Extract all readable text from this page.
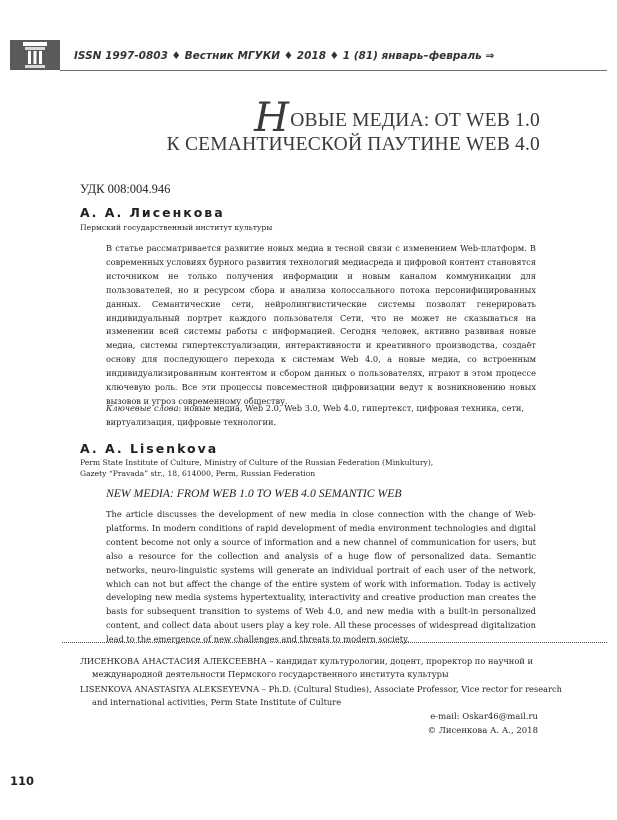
ISSN 1997-0803 ♦ Вестник МГУКИ ♦ 2018 ♦ 1 (81) январь–февраль ⇒
НОВЫЕ МЕДИА: ОТ WEB 1.0
К СЕМАНТИЧЕСКОЙ ПАУТИНЕ WEB 4.0
УДК 008:004.946
А. А. Лисенкова
Пермский государственный институт культуры
В статье рассматривается развитие новых медиа в тесной связи с изменением Web-платформ. В современных условиях бурного развития технологий медиасреда и цифровой контент становятся источником не только получения информации и новым каналом коммуникации для пользователей, но и ресурсом сбора и анализа колоссального потока персонифицированных данных. Семантические сети, нейролингвистические системы позволят генерировать индивидуальный портрет каждого пользователя Сети, что не может не сказываться на изменении всей системы работы с информацией. Сегодня человек, активно развивая новые медиа, системы гипертекстуализации, интерактивности и креативного производства, создаёт основу для последующего перехода к системам Web 4.0, а новые медиа, со встроенным индивидуализированным контентом и сбором данных о пользователях, играют в этом процессе ключевую роль. Все эти процессы повсеместной цифровизации ведут к возникновению новых вызовов и угроз современному обществу.
Ключевые слова: новые медиа, Web 2.0, Web 3.0, Web 4.0, гипертекст, цифровая техника, сети, виртуализация, цифровые технологии.
A. A. Lisenkova
Perm State Institute of Culture, Ministry of Culture of the Russian Federation (Minkultury),
Gazety “Pravada” str., 18, 614000, Perm, Russian Federation
NEW MEDIA: FROM WEB 1.0 TO WEB 4.0 SEMANTIC WEB
The article discusses the development of new media in close connection with the change of Web-platforms. In modern conditions of rapid development of media environment technologies and digital content become not only a source of information and a new channel of communication for users, but also a resource for the collection and analysis of a huge flow of personalized data. Semantic networks, neuro-linguistic systems will generate an individual portrait of each user of the network, which can not but affect the change of the entire system of work with information. Today is actively developing new media systems hypertextuality, interactivity and creative production man creates the basis for subsequent transition to systems of Web 4.0, and new media with a built-in personalized content, and collect data about users play a key role. All these processes of widespread digitalization lead to the emergence of new challenges and threats to modern society.
ЛИСЕНКОВА АНАСТАСИЯ АЛЕКСЕЕВНА – кандидат культурологии, доцент, проректор по научной и международной деятельности Пермского государственного института культуры
LISENKOVA ANASTASIYA ALEKSEYEVNA – Ph.D. (Cultural Studies), Associate Professor, Vice rector for research and international activities, Perm State Institute of Culture
e-mail: Oskar46@mail.ru
© Лисенкова А. А., 2018
110
